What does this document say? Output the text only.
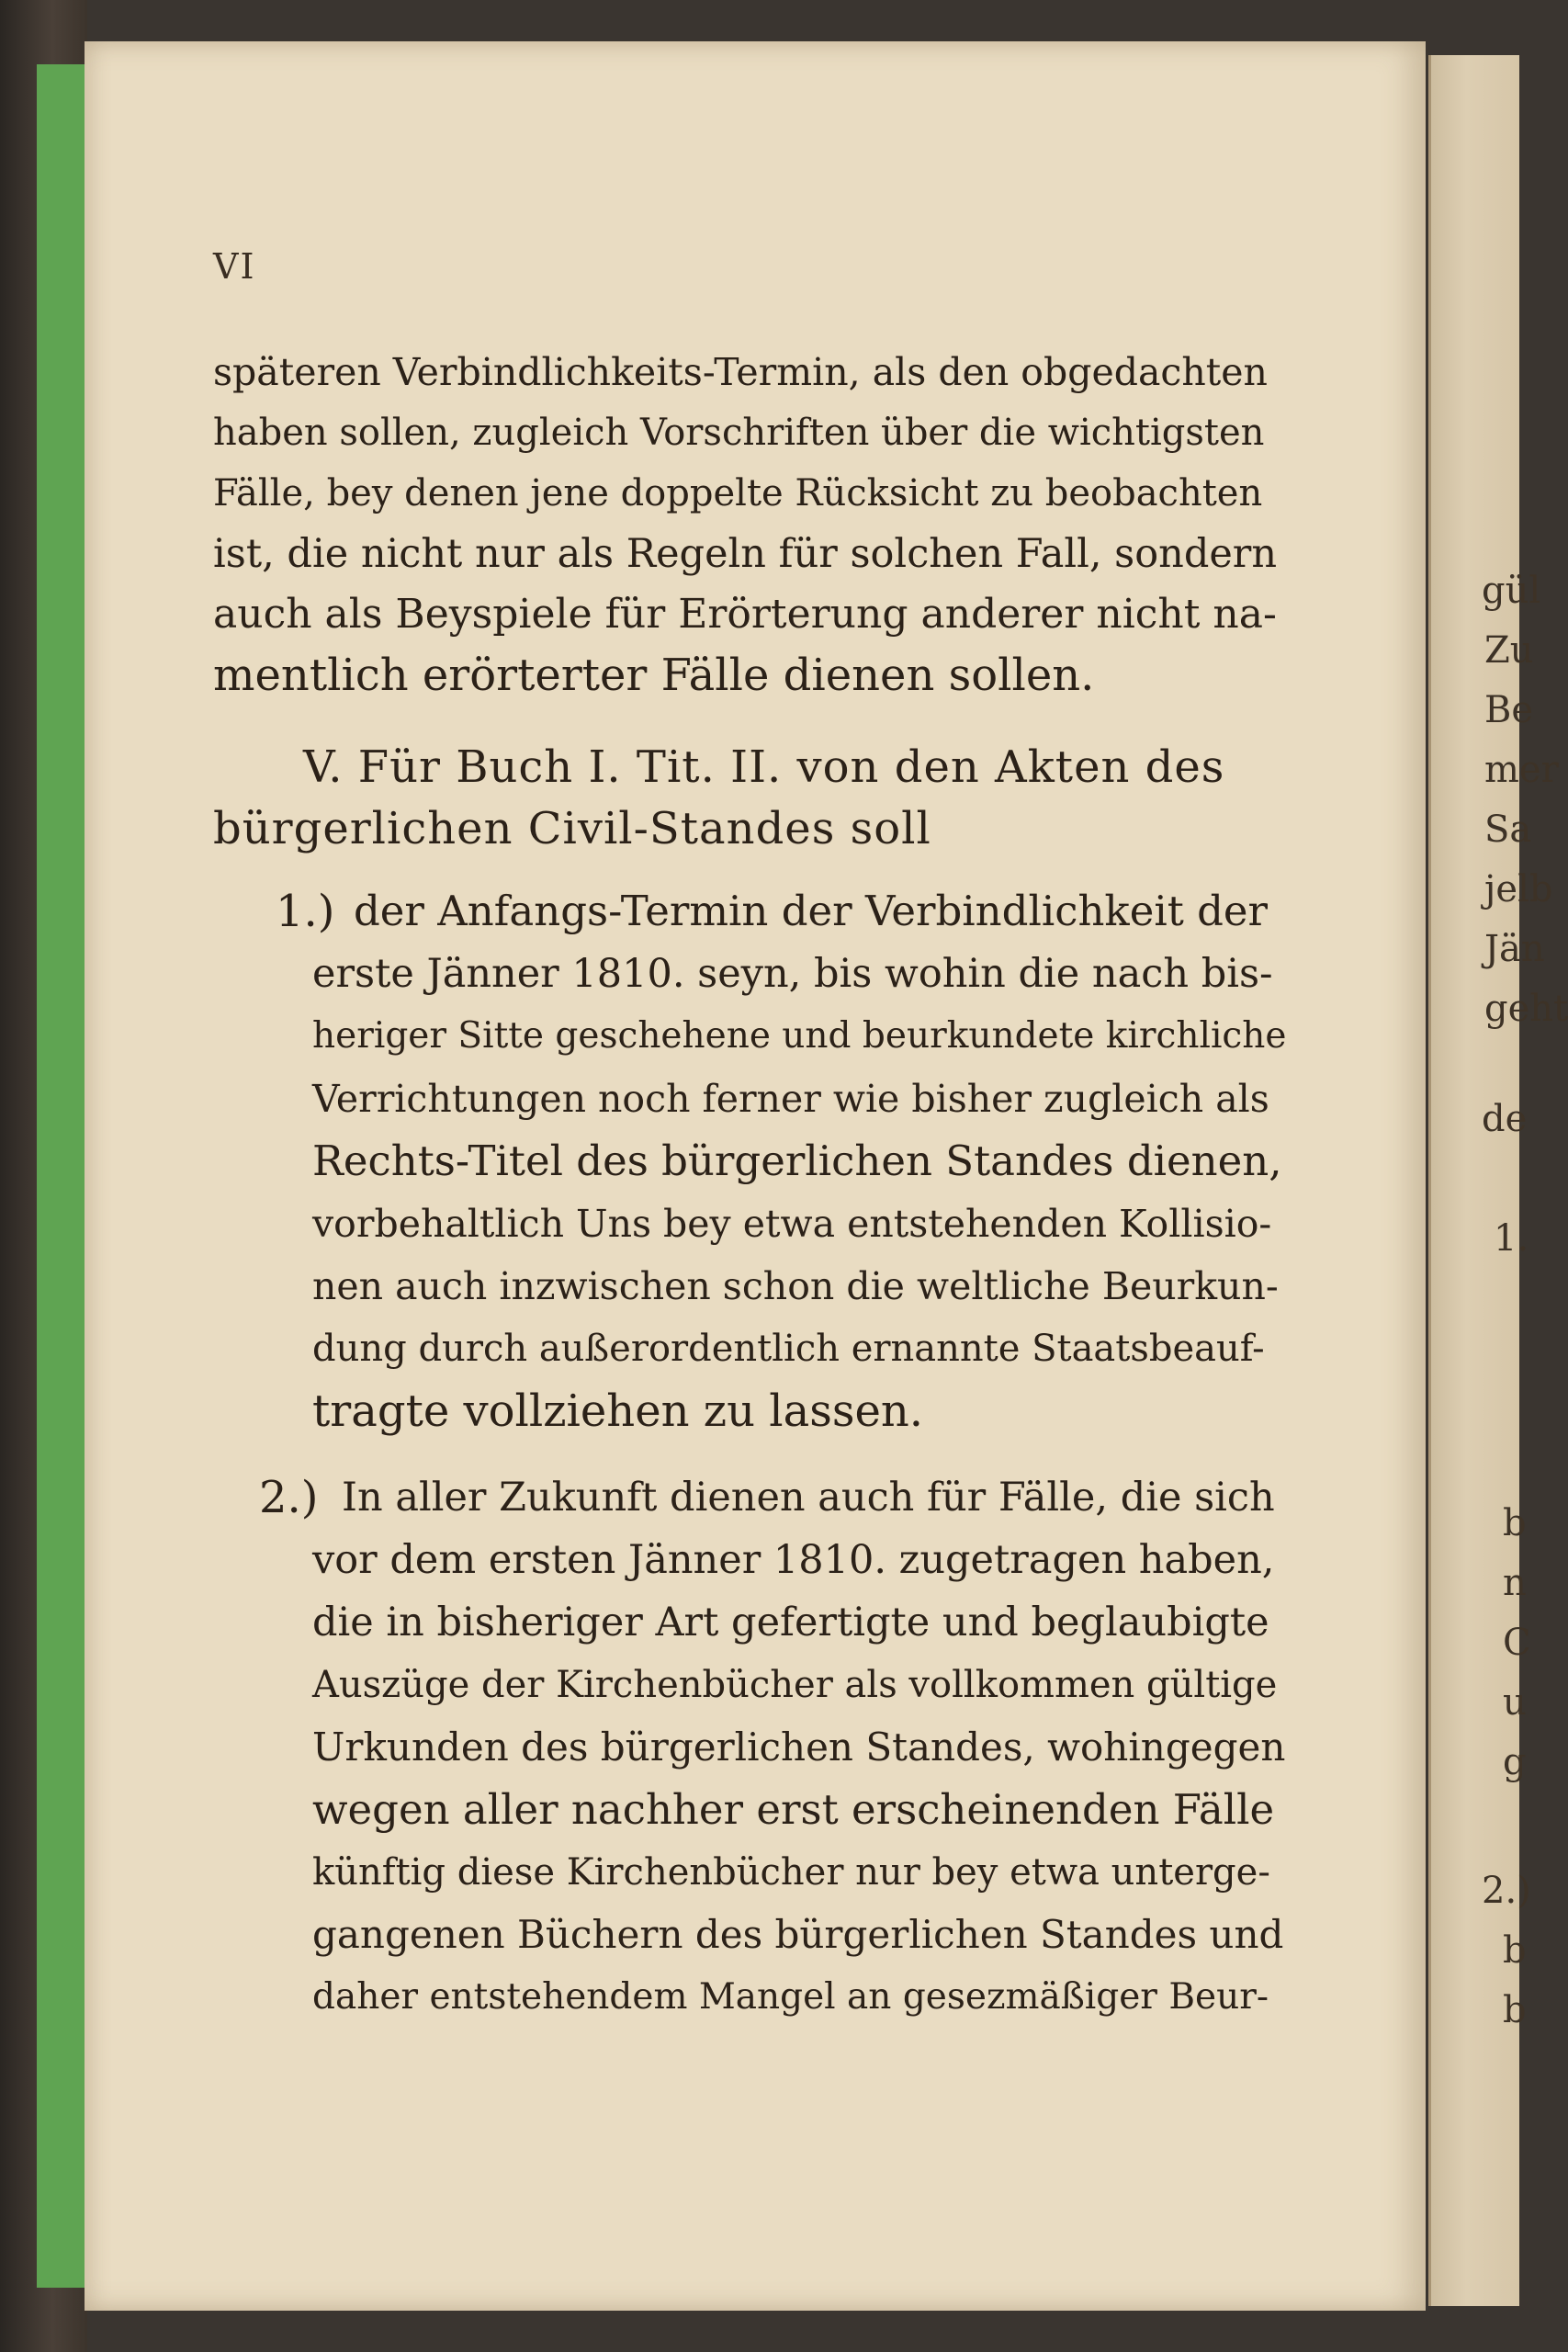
gül
Zu
Be
mer
Sa
jelb
Jän
geht
de
1.
b
n
C
u
g
2.)
b
b
VI
späteren Verbindlichkeits-Termin, als den obgedachten
haben sollen, zugleich Vorschriften über die wichtigsten
Fälle, bey denen jene doppelte Rücksicht zu beobachten
ist, die nicht nur als Regeln für solchen Fall, sondern
auch als Beyspiele für Erörterung anderer nicht na-
mentlich erörterter Fälle dienen sollen.
V. Für Buch I. Tit. II. von den Akten des
bürgerlichen Civil-Standes soll
1.) der Anfangs-Termin der Verbindlichkeit der
erste Jänner 1810. seyn, bis wohin die nach bis-
heriger Sitte geschehene und beurkundete kirchliche
Verrichtungen noch ferner wie bisher zugleich als
Rechts-Titel des bürgerlichen Standes dienen,
vorbehaltlich Uns bey etwa entstehenden Kollisio-
nen auch inzwischen schon die weltliche Beurkun-
dung durch außerordentlich ernannte Staatsbeauf-
tragte vollziehen zu lassen.
2.) In aller Zukunft dienen auch für Fälle, die sich
vor dem ersten Jänner 1810. zugetragen haben,
die in bisheriger Art gefertigte und beglaubigte
Auszüge der Kirchenbücher als vollkommen gültige
Urkunden des bürgerlichen Standes, wohingegen
wegen aller nachher erst erscheinenden Fälle
künftig diese Kirchenbücher nur bey etwa unterge-
gangenen Büchern des bürgerlichen Standes und
daher entstehendem Mangel an gesezmäßiger Beur-
